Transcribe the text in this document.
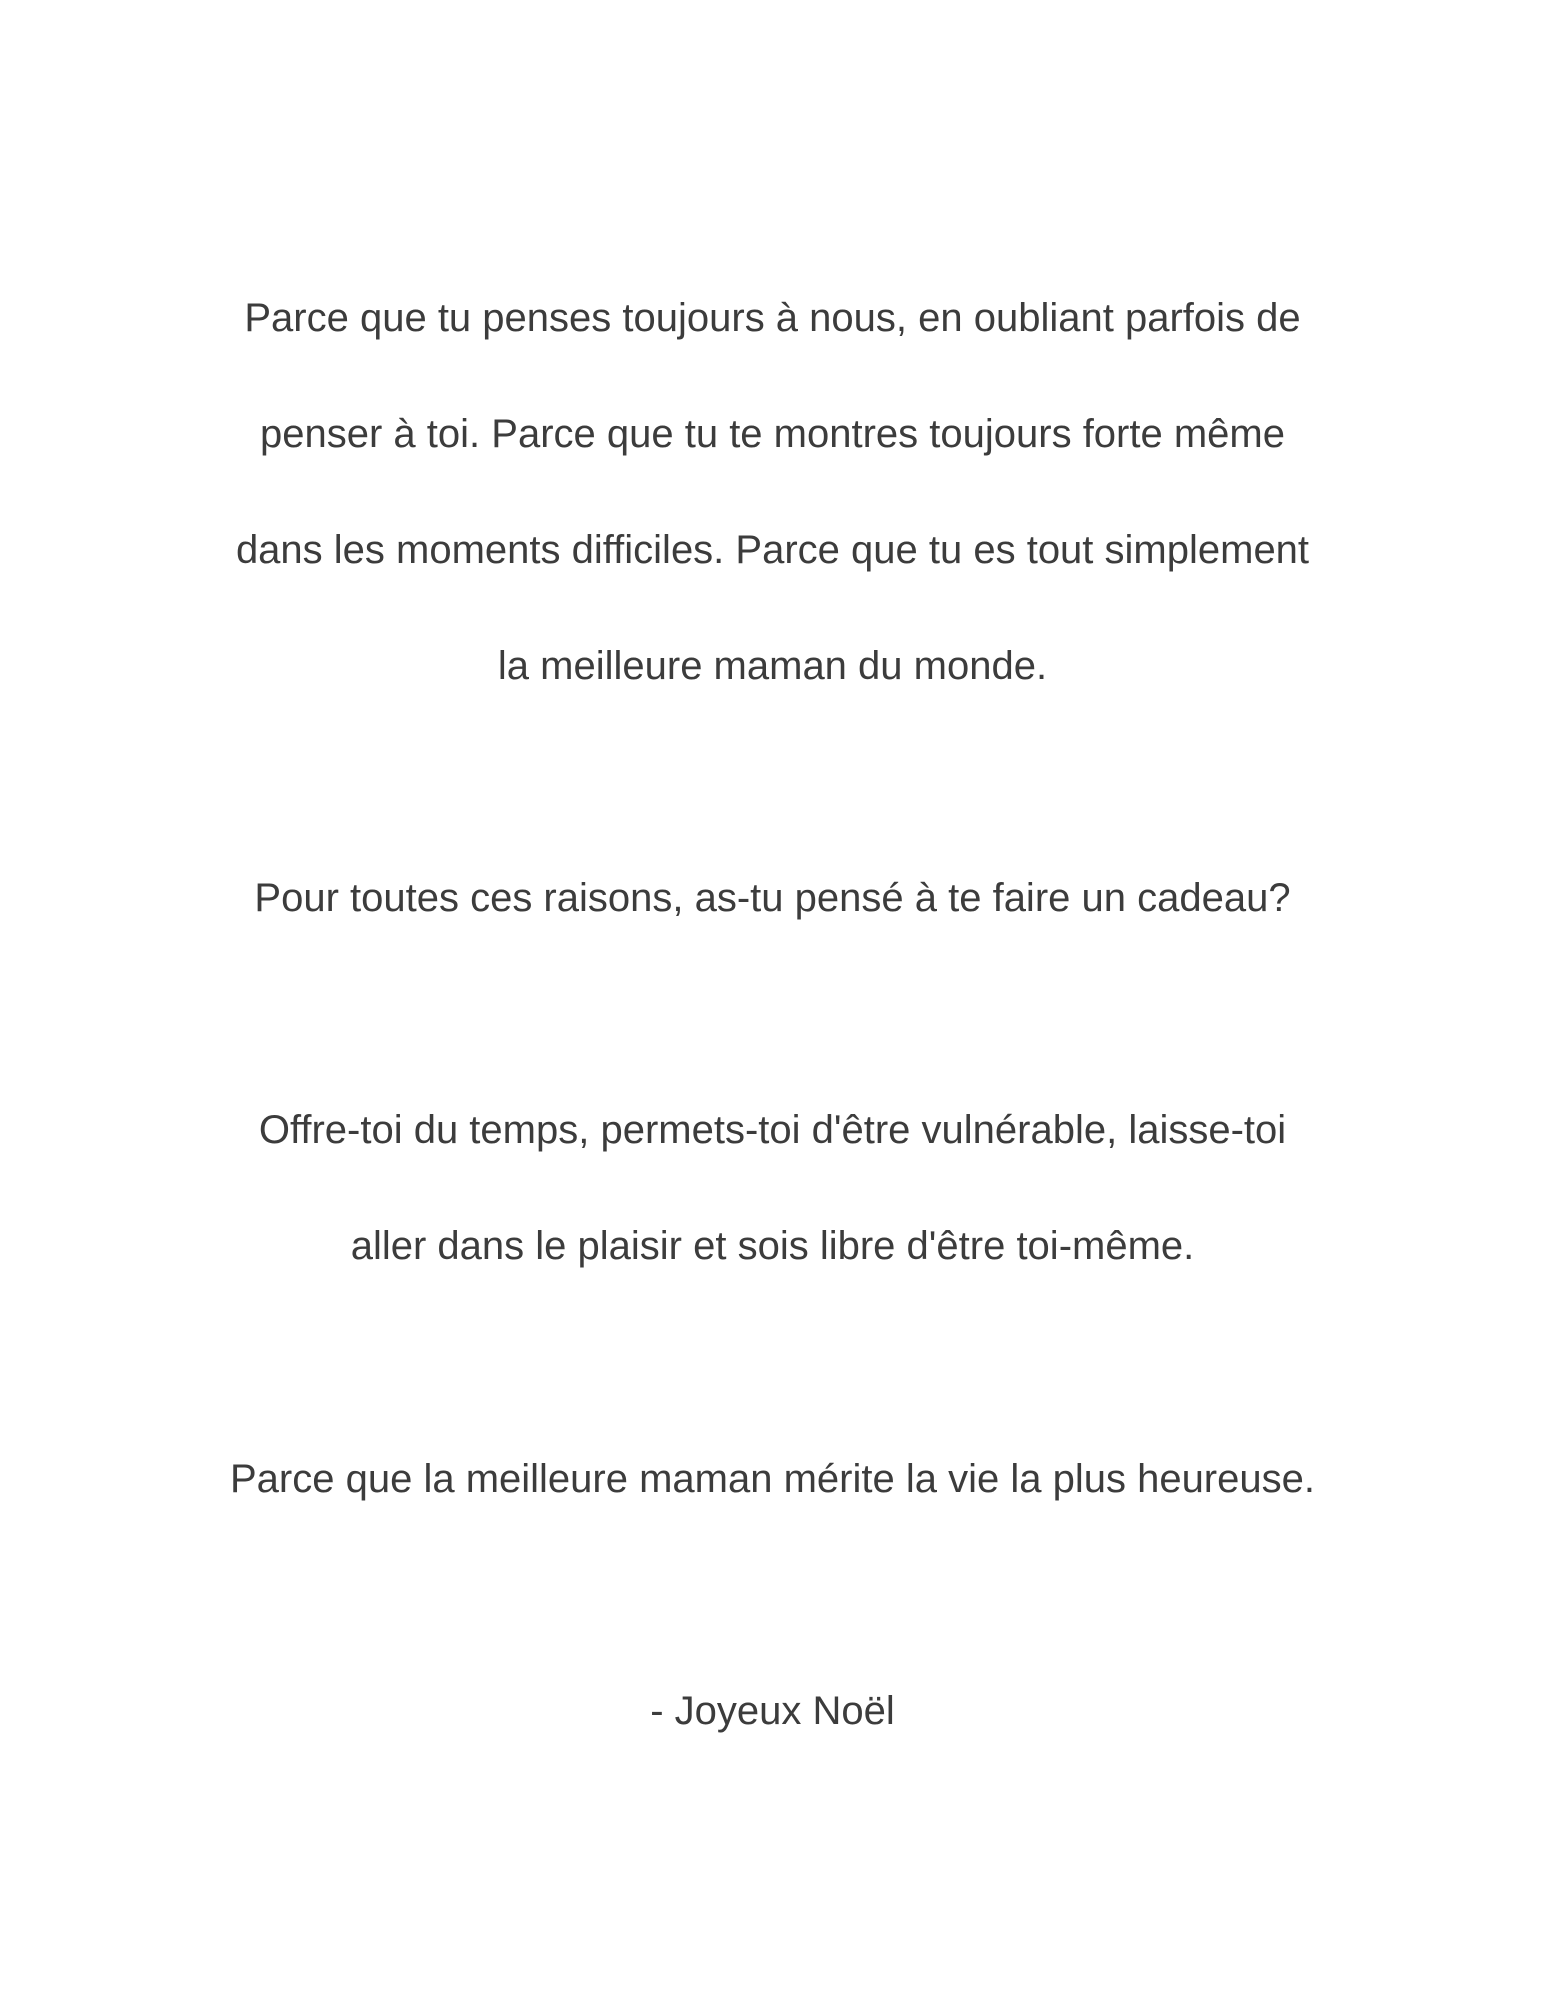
Parce que tu penses toujours à nous, en oubliant parfois de
penser à toi. Parce que tu te montres toujours forte même
dans les moments difficiles. Parce que tu es tout simplement
la meilleure maman du monde.
Pour toutes ces raisons, as-tu pensé à te faire un cadeau?
Offre-toi du temps, permets-toi d'être vulnérable, laisse-toi
aller dans le plaisir et sois libre d'être toi-même.
Parce que la meilleure maman mérite la vie la plus heureuse.
- Joyeux Noël
